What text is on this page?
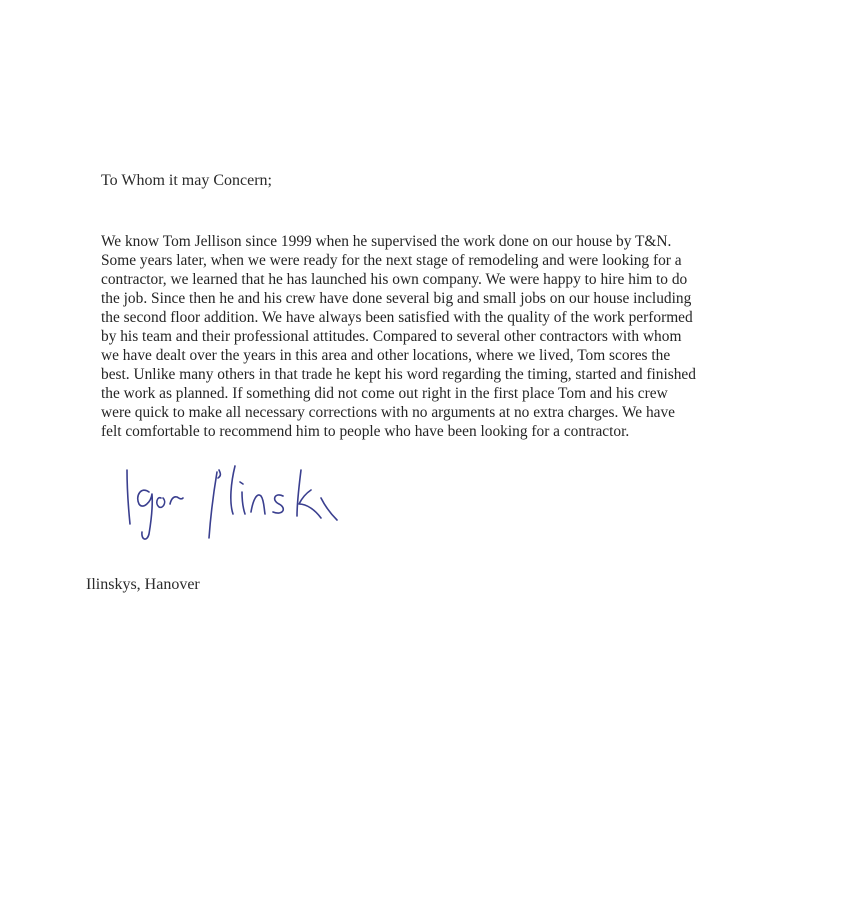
To Whom it may Concern;
We know Tom Jellison since 1999 when he supervised the work done on our house by T&N.
Some years later, when we were ready for the next stage of remodeling and were looking for a
contractor, we learned that he has launched his own company. We were happy to hire him to do
the job. Since then he and his crew have done several big and small jobs on our house including
the second floor addition. We have always been satisfied with the quality of the work performed
by his team and their professional attitudes. Compared to several other contractors with whom
we have dealt over the years in this area and other locations, where we lived, Tom scores the
best. Unlike many others in that trade he kept his word regarding the timing, started and finished
the work as planned. If something did not come out right in the first place Tom and his crew
were quick to make all necessary corrections with no arguments at no extra charges. We have
felt comfortable to recommend him to people who have been looking for a contractor.
Ilinskys, Hanover
